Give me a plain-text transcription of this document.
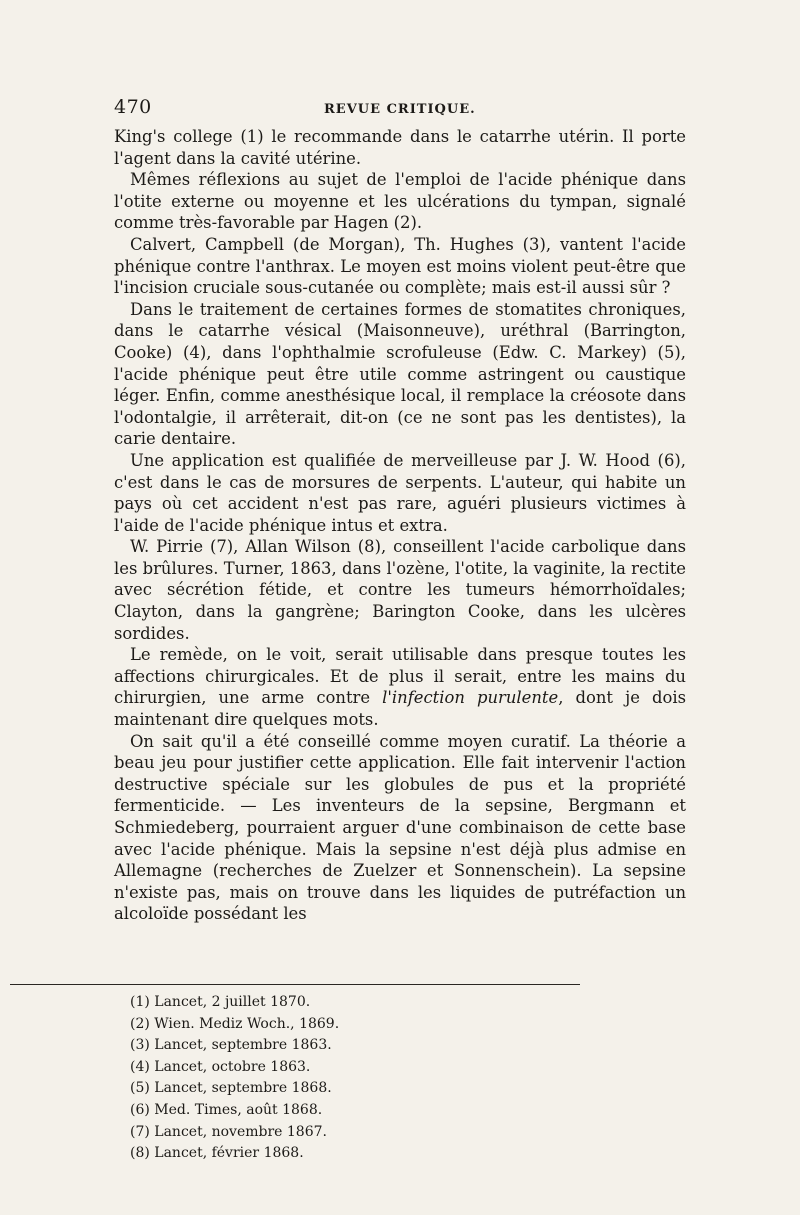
470	REVUE CRITIQUE.

King's college (1) le recommande dans le catarrhe utérin. Il porte l'agent dans la cavité utérine.

Mêmes réflexions au sujet de l'emploi de l'acide phénique dans l'otite externe ou moyenne et les ulcérations du tympan, signalé comme très-favorable par Hagen (2).

Calvert, Campbell (de Morgan), Th. Hughes (3), vantent l'acide phénique contre l'anthrax. Le moyen est moins violent peut-être que l'incision cruciale sous-cutanée ou complète; mais est-il aussi sûr ?

Dans le traitement de certaines formes de stomatites chroniques, dans le catarrhe vésical (Maisonneuve), uréthral (Barrington, Cooke) (4), dans l'ophthalmie scrofuleuse (Edw. C. Markey) (5), l'acide phénique peut être utile comme astringent ou caustique léger. Enfin, comme anesthésique local, il remplace la créosote dans l'odontalgie, il arrêterait, dit-on (ce ne sont pas les dentistes), la carie dentaire.

Une application est qualifiée de merveilleuse par J. W. Hood (6), c'est dans le cas de morsures de serpents. L'auteur, qui habite un pays où cet accident n'est pas rare, aguéri plusieurs victimes à l'aide de l'acide phénique intus et extra.

W. Pirrie (7), Allan Wilson (8), conseillent l'acide carbolique dans les brûlures. Turner, 1863, dans l'ozène, l'otite, la vaginite, la rectite avec sécrétion fétide, et contre les tumeurs hémorrhoïdales; Clayton, dans la gangrène; Barington Cooke, dans les ulcères sordides.

Le remède, on le voit, serait utilisable dans presque toutes les affections chirurgicales. Et de plus il serait, entre les mains du chirurgien, une arme contre l'infection purulente, dont je dois maintenant dire quelques mots.

On sait qu'il a été conseillé comme moyen curatif. La théorie a beau jeu pour justifier cette application. Elle fait intervenir l'action destructive spéciale sur les globules de pus et la propriété fermenticide. — Les inventeurs de la sepsine, Bergmann et Schmiedeberg, pourraient arguer d'une combinaison de cette base avec l'acide phénique. Mais la sepsine n'est déjà plus admise en Allemagne (recherches de Zuelzer et Sonnenschein). La sepsine n'existe pas, mais on trouve dans les liquides de putréfaction un alcoloïde possédant les

(1) Lancet, 2 juillet 1870.
(2) Wien. Mediz Woch., 1869.
(3) Lancet, septembre 1863.
(4) Lancet, octobre 1863.
(5) Lancet, septembre 1868.
(6) Med. Times, août 1868.
(7) Lancet, novembre 1867.
(8) Lancet, février 1868.
